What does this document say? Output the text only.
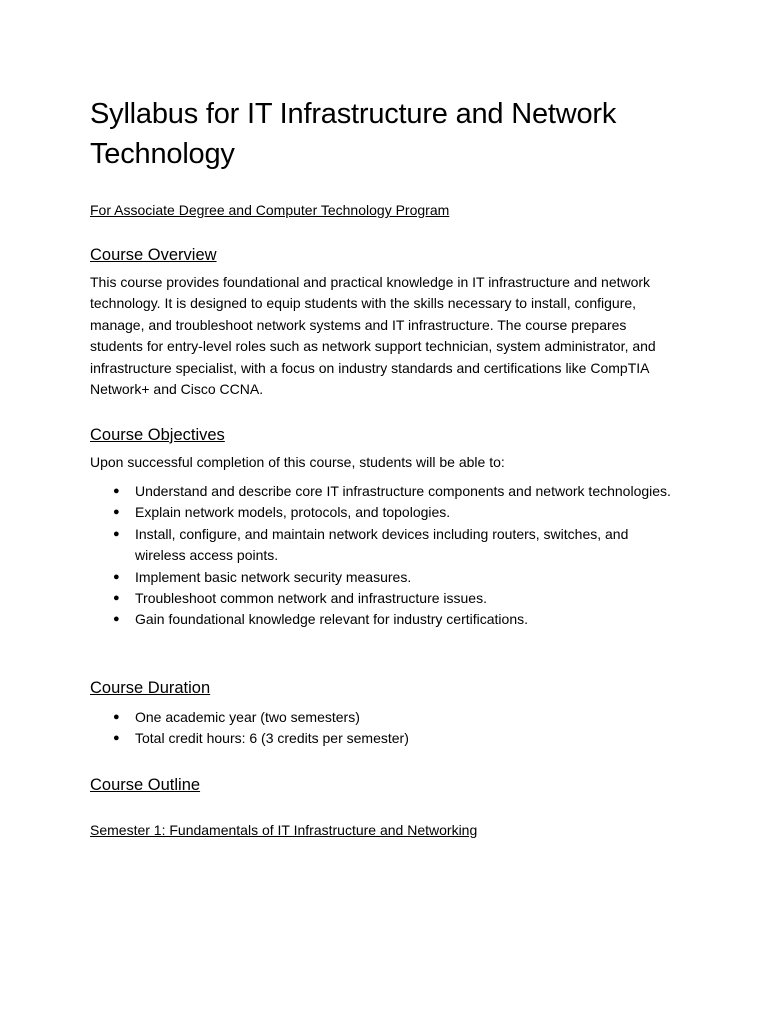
Syllabus for IT Infrastructure and Network Technology

For Associate Degree and Computer Technology Program

Course Overview

This course provides foundational and practical knowledge in IT infrastructure and network technology. It is designed to equip students with the skills necessary to install, configure, manage, and troubleshoot network systems and IT infrastructure. The course prepares students for entry-level roles such as network support technician, system administrator, and infrastructure specialist, with a focus on industry standards and certifications like CompTIA Network+ and Cisco CCNA.

Course Objectives

Upon successful completion of this course, students will be able to:

● Understand and describe core IT infrastructure components and network technologies.
● Explain network models, protocols, and topologies.
● Install, configure, and maintain network devices including routers, switches, and wireless access points.
● Implement basic network security measures.
● Troubleshoot common network and infrastructure issues.
● Gain foundational knowledge relevant for industry certifications.
Course Duration
● One academic year (two semesters)
● Total credit hours: 6 (3 credits per semester)
Course Outline

Semester 1: Fundamentals of IT Infrastructure and Networking
